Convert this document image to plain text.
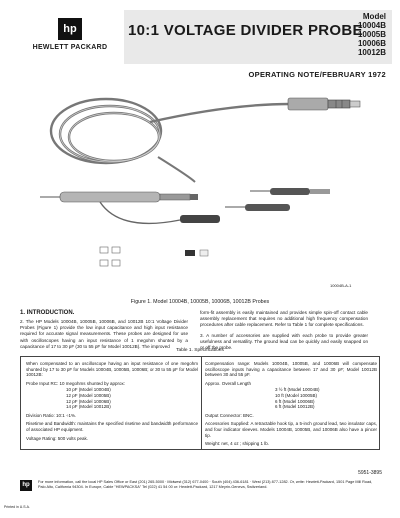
hp
HEWLETT PACKARD
10:1 VOLTAGE DIVIDER PROBE
Model
10004B
10005B
10006B
10012B
OPERATING NOTE/FEBRUARY 1972
10004B-A-1
Figure 1. Model 10004B, 10005B, 10006B, 10012B Probes
1. INTRODUCTION.
2. The HP Models 10004B, 10005B, 10006B, and 10012B 10:1 Voltage Divider Probes (Figure 1) provide the low input capacitance and high input resistance required for accurate signal measurements. These probes are designed for use with oscilloscopes having an input resistance of 1 megohm shunted by a capacitance of 17 to 30 pF (30 to 55 pF for Model 10012B). The improved
form-fit assembly is easily maintained and provides simple spin-off contact cable assembly replacement that requires no additional high frequency compensation procedures after cable replacement. Refer to Table 1 for complete specifications.
3. A number of accessories are supplied with each probe to provide greater usefulness and versatility. The ground lead can be quickly and easily snapped on or off the probe.
Table 1. Specifications
When compensated to an oscilloscope having an input resistance of one megohm shunted by 17 to 30 pF for Models 10004B, 10005B, 10006B; or 30 to 55 pF for Model 10012B:
Probe Input RC: 10 megohms shunted by approx:
10 pF (Model 10004B)
12 pF (Model 10005B)
12 pF (Model 10006B)
14 pF (Model 10012B)
Division Ratio: 10:1 ÷1%.
Risetime and Bandwidth: maintains the specified risetime and bandwidth performance of associated HP equipment.
Voltage Rating: 500 volts peak.
Compensation range: Models 10004B, 10005B, and 10006B will compensate oscilloscope inputs having a capacitance between 17 and 30 pF; Model 10012B between 30 and 55 pF.
Approx. Overall Length
3 ½ ft (Model 10004B)
10 ft (Model 10005B)
6 ft (Model 10006B)
6 ft (Model 10012B)
Output Connector: BNC.
Accessories Supplied: A retractable hook tip, a 5-inch ground lead, two insulator caps, and four indicator sleeves. Models 10004B, 10005B, and 10006B also have a pincer tip.
Weight: net, 4 oz ; shipping 1 lb.
5951-3895
hp	For more information, call the local HP Sales Office or East (201) 265-5000 · Midwest (312) 677-0400 · South (404) 436-6181 · West (213) 877-1282. Or, write: Hewlett-Packard, 1501 Page Mill Road, Palo Alto, California 94304. In Europe, Cable "HEWPACKSA" Tel (022) 41 54 00 or: Hewlett-Packard, 1217 Meyrin-Geneva, Switzerland.
Printed in U.S.A.
